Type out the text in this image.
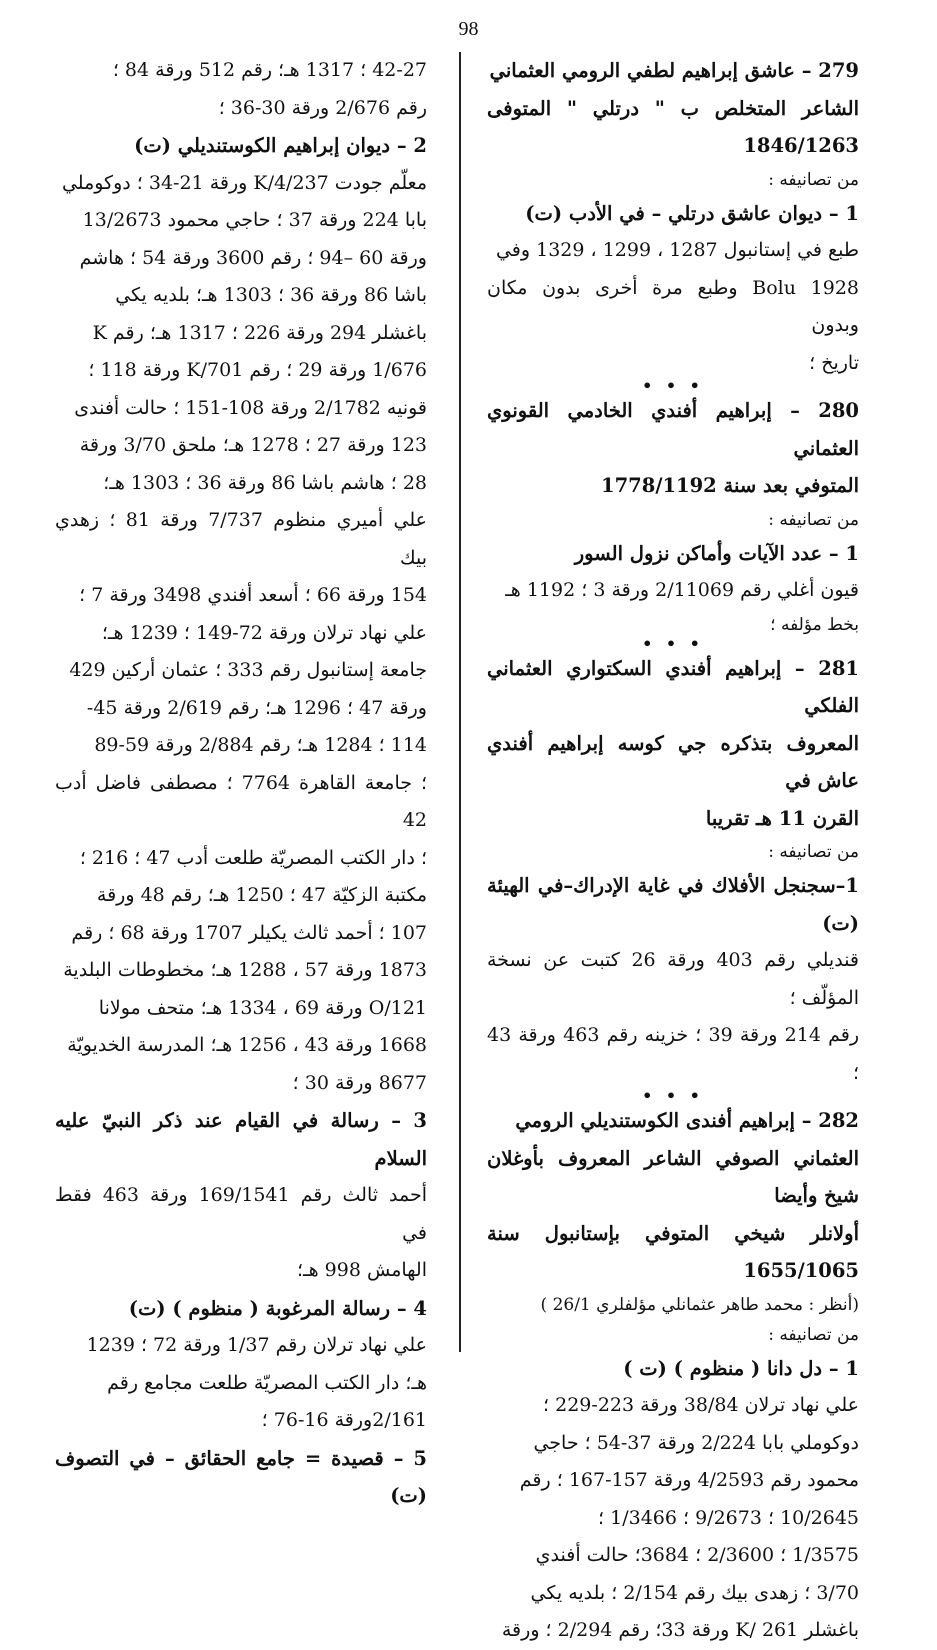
98

279 – عاشق إبراهيم لطفي الرومي العثماني

الشاعر المتخلص ب " درتلي " المتوفى 1846/1263

من تصانيفه :

1 – ديوان عاشق درتلي – في الأدب (ت)

طبع في إستانبول 1287 ، 1299 ، 1329 وفي

Bolu 1928 وطبع مرة أخرى بدون مكان وبدون

تاريخ ؛

• • •

280 – إبراهيم أفندي الخادمي القونوي العثماني

المتوفي بعد سنة 1778/1192

من تصانيفه :

1 – عدد الآيات وأماكن نزول السور

قيون أغلي رقم 2/11069 ورقة 3 ؛ 1192 هـ

بخط مؤلفه ؛

• • •

281 – إبراهيم أفندي السكتواري العثماني الفلكي

المعروف بتذكره جي كوسه إبراهيم أفندي عاش في

القرن 11 هـ تقريبا

من تصانيفه :

1–سجنجل الأفلاك في غاية الإدراك–في الهيئة (ت)

قنديلي رقم 403 ورقة 26 كتبت عن نسخة المؤلّف ؛

رقم 214 ورقة 39 ؛ خزينه رقم 463 ورقة 43 ؛

• • •

282 – إبراهيم أفندى الكوستنديلي الرومي

العثماني الصوفي الشاعر المعروف بأوغلان شيخ وأيضا

أولانلر شيخي المتوفي بإستانبول سنة 1655/1065

(أنظر : محمد طاهر عثمانلي مؤلفلري 26/1 )

من تصانيفه :

1 – دل دانا ( منظوم ) (ت )

علي نهاد ترلان 38/84 ورقة 223-229 ؛

دوكوملي بابا 2/224 ورقة 37-54 ؛ حاجي

محمود رقم 4/2593 ورقة 157-167 ؛ رقم

10/2645 ؛ 9/2673 ؛ 1/3466 ؛

1/3575 ؛ 2/3600 ؛ 3684؛ حالت أفندي

3/70 ؛ زهدى بيك رقم 2/154 ؛ بلديه يكي

باغشلر K/ 261 ورقة 33؛ رقم 2/294 ؛ ورقة

42-27 ؛ 1317 هـ؛ رقم 512 ورقة 84 ؛

رقم 2/676 ورقة 30-36 ؛

2 – ديوان إبراهيم الكوستنديلي (ت)

معلّم جودت 4/237/K ورقة 21-34 ؛ دوكوملي

بابا 224 ورقة 37 ؛ حاجي محمود 13/2673

ورقة 60 –94 ؛ رقم 3600 ورقة 54 ؛ هاشم

باشا 86 ورقة 36 ؛ 1303 هـ؛ بلديه يكي

باغشلر 294 ورقة 226 ؛ 1317 هـ؛ رقم K

1/676 ورقة 29 ؛ رقم 701/K ورقة 118 ؛

قونيه 2/1782 ورقة 108-151 ؛ حالت أفندى

123 ورقة 27 ؛ 1278 هـ؛ ملحق 3/70 ورقة

28 ؛ هاشم باشا 86 ورقة 36 ؛ 1303 هـ؛

علي أميري منظوم 7/737 ورقة 81 ؛ زهدي بيك

154 ورقة 66 ؛ أسعد أفندي 3498 ورقة 7 ؛

علي نهاد ترلان ورقة 72-149 ؛ 1239 هـ؛

جامعة إستانبول رقم 333 ؛ عثمان أركين 429

ورقة 47 ؛ 1296 هـ؛ رقم 2/619 ورقة 45-

114 ؛ 1284 هـ؛ رقم 2/884 ورقة 59-89

؛ جامعة القاهرة 7764 ؛ مصطفى فاضل أدب 42

؛ دار الكتب المصريّة طلعت أدب 47 ؛ 216 ؛

مكتبة الزكيّة 47 ؛ 1250 هـ؛ رقم 48 ورقة

107 ؛ أحمد ثالث يكيلر 1707 ورقة 68 ؛ رقم

1873 ورقة 57 ، 1288 هـ؛ مخطوطات البلدية

121/O ورقة 69 ، 1334 هـ؛ متحف مولانا

1668 ورقة 43 ، 1256 هـ؛ المدرسة الخديويّة

8677 ورقة 30 ؛

3 – رسالة في القيام عند ذكر النبيّ عليه السلام

أحمد ثالث رقم 169/1541 ورقة 463 فقط في

الهامش 998 هـ؛

4 – رسالة المرغوبة ( منظوم ) (ت)

علي نهاد ترلان رقم 1/37 ورقة 72 ؛ 1239

هـ؛ دار الكتب المصريّة طلعت مجامع رقم

2/161ورقة 16-76 ؛

5 – قصيدة = جامع الحقائق – في التصوف (ت)
